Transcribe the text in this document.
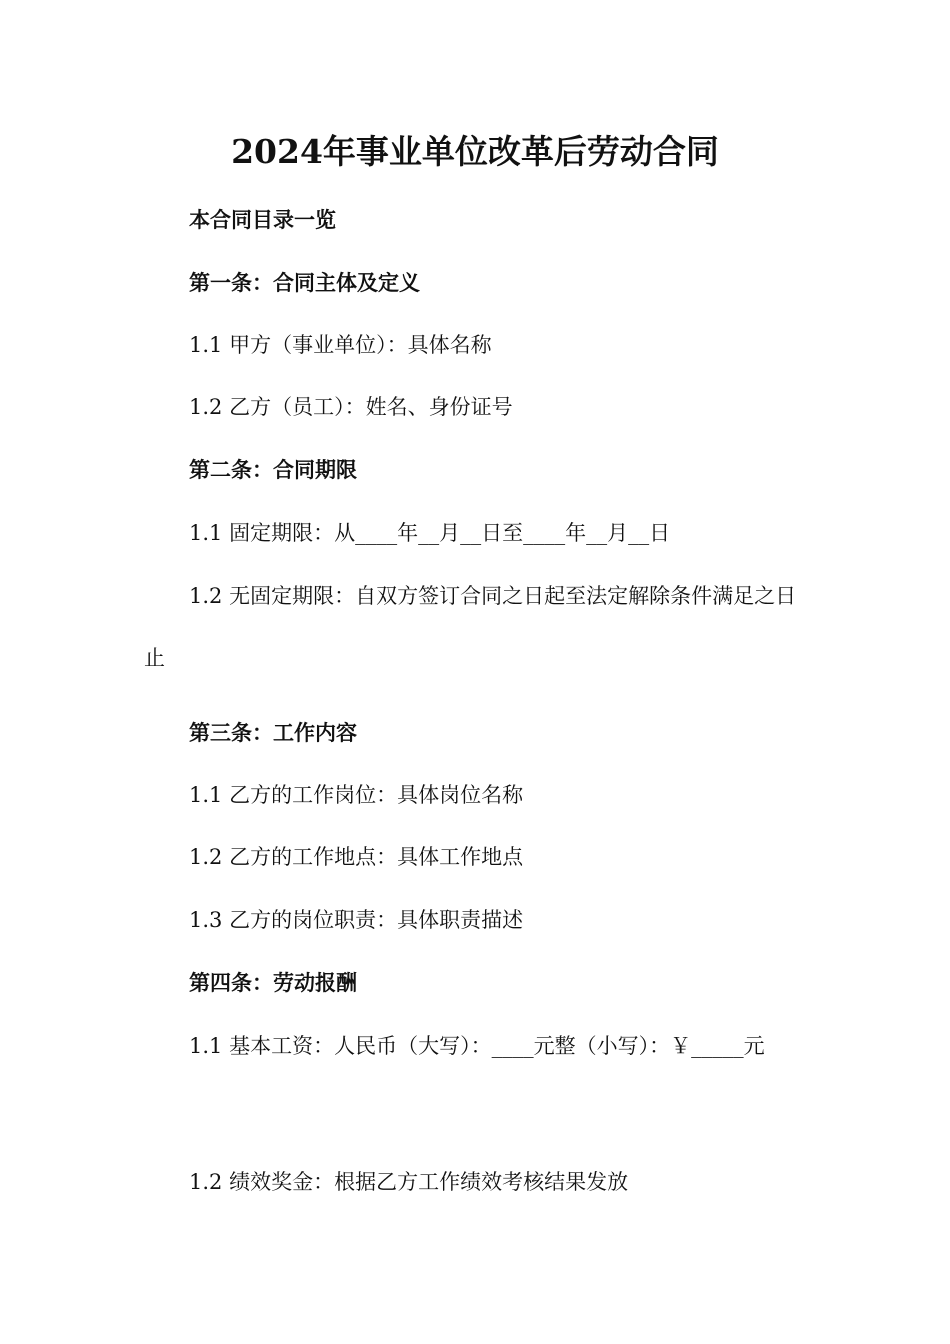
2024年事业单位改革后劳动合同
本合同目录一览
第一条：合同主体及定义
1.1 甲方（事业单位）：具体名称
1.2 乙方（员工）：姓名、身份证号
第二条：合同期限
1.1 固定期限：从____年__月__日至____年__月__日
1.2 无固定期限：自双方签订合同之日起至法定解除条件满足之日止
第三条：工作内容
1.1 乙方的工作岗位：具体岗位名称
1.2 乙方的工作地点：具体工作地点
1.3 乙方的岗位职责：具体职责描述
第四条：劳动报酬
1.1 基本工资：人民币（大写）：____元整（小写）：￥_____元
1.2 绩效奖金：根据乙方工作绩效考核结果发放
